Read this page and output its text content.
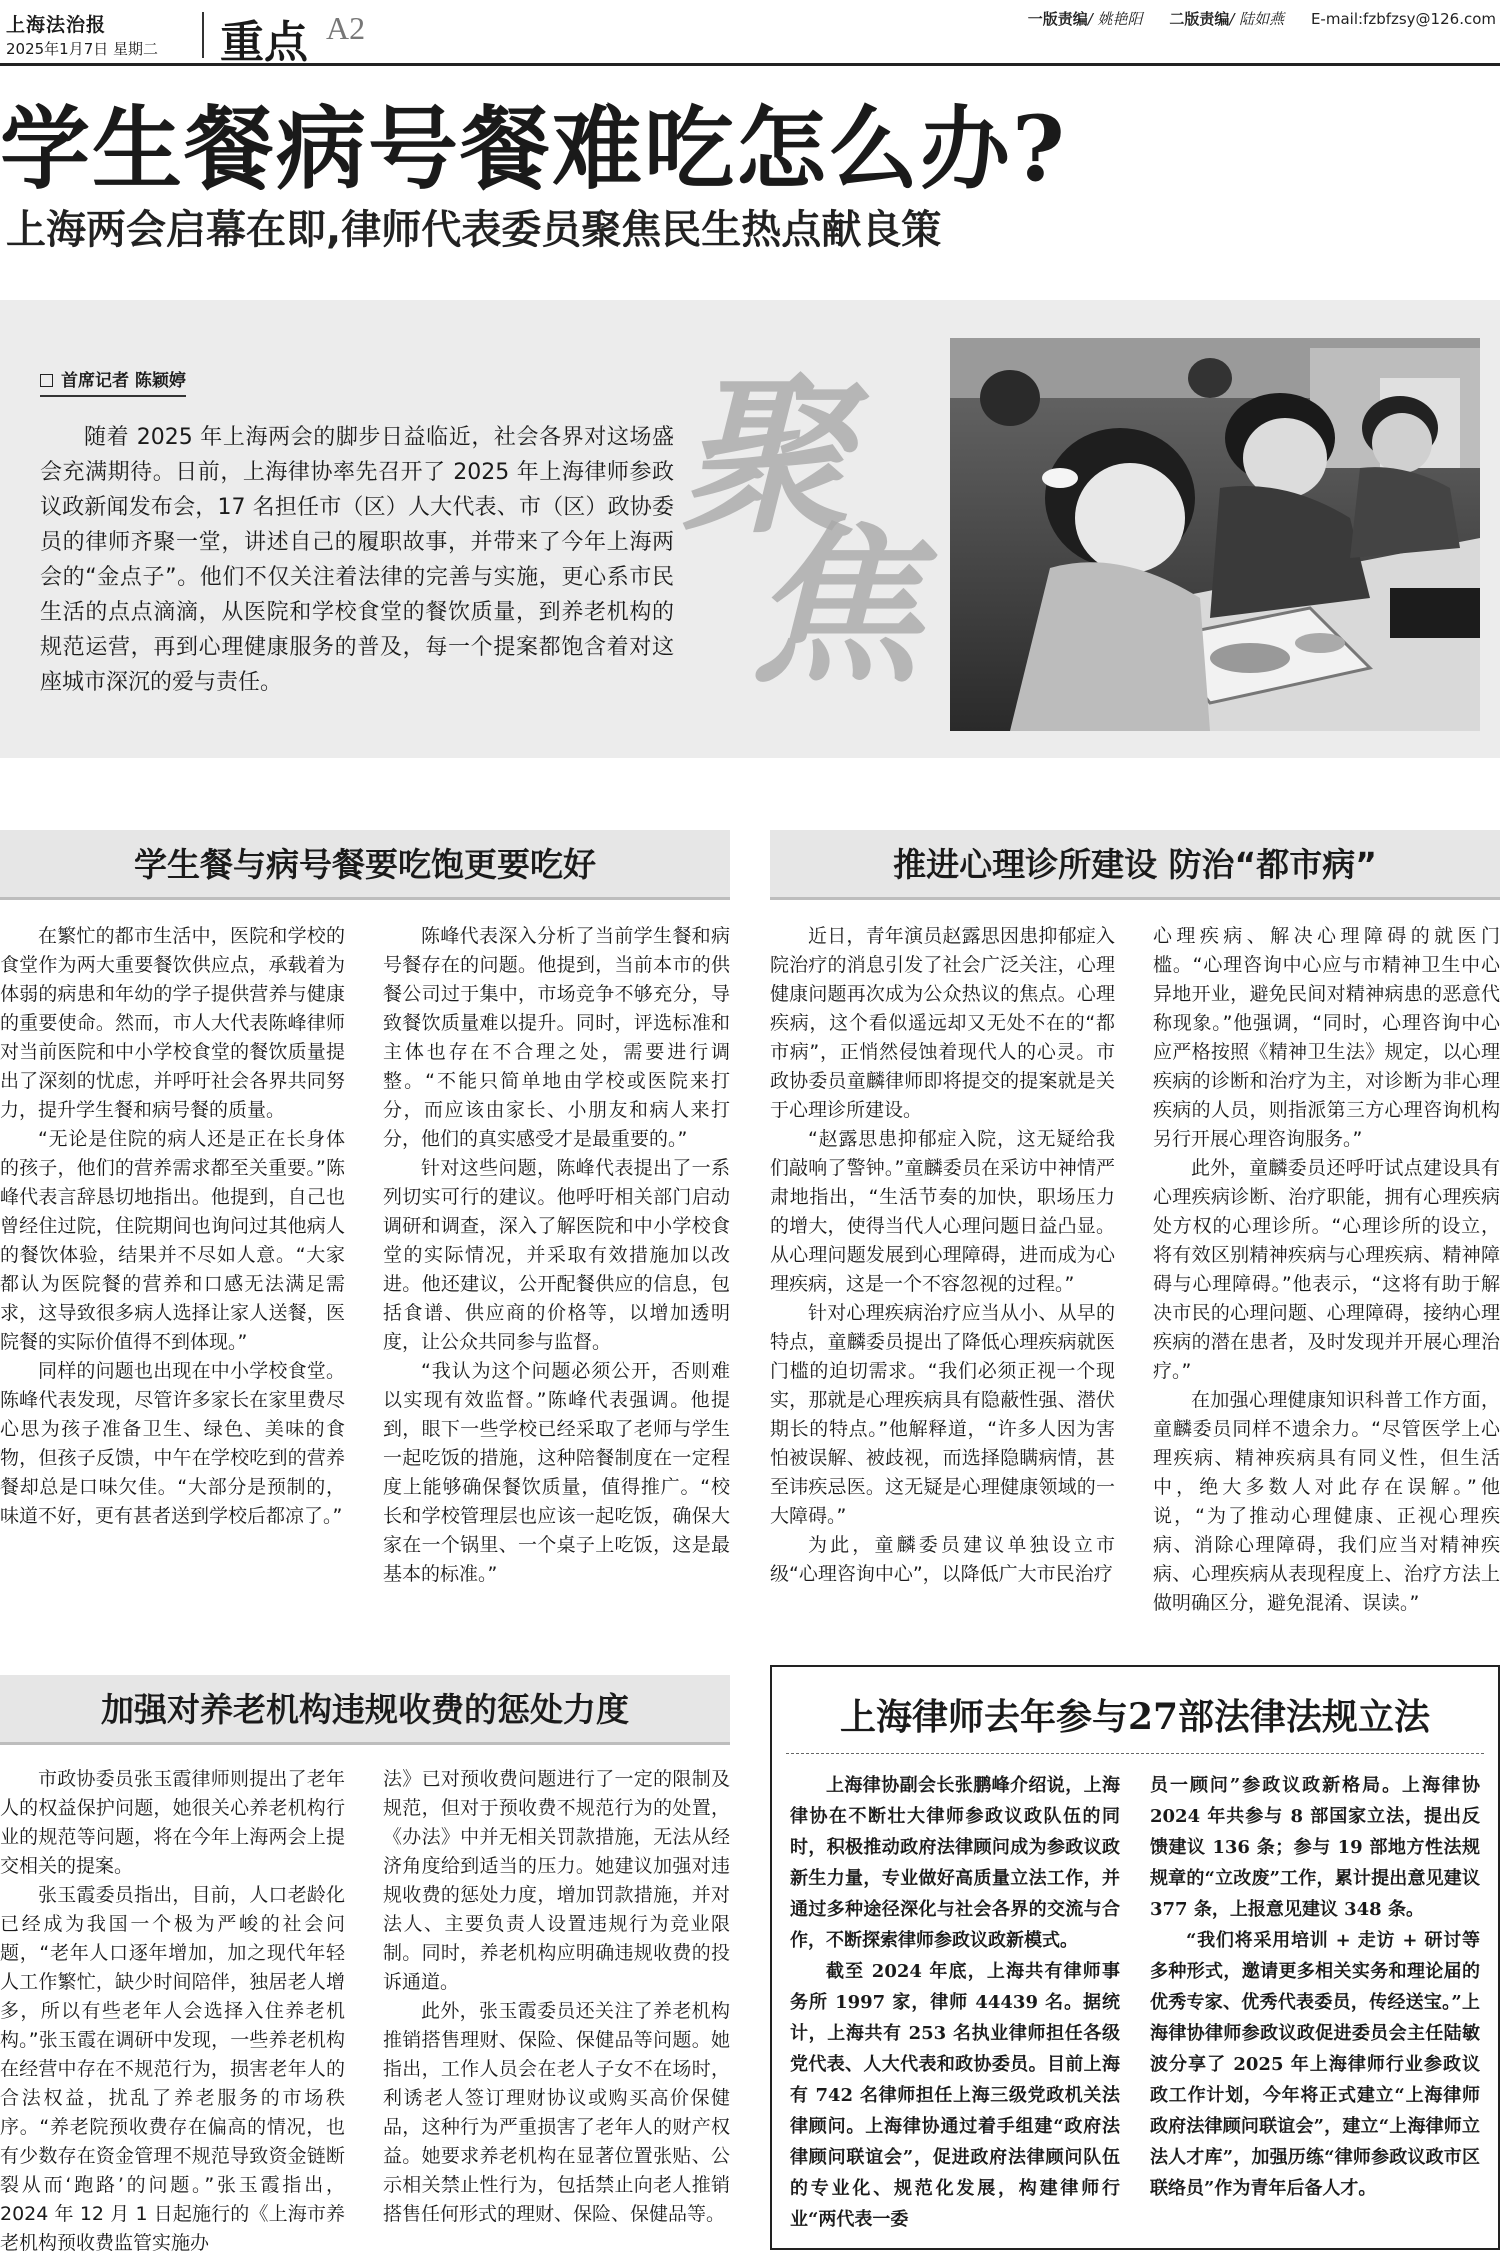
上海法治报
2025年1月7日 星期二 重点 A2	一版责编/ 姚艳阳 二版责编/ 陆如燕 E-mail:fzbfzsy@126.com
学生餐病号餐难吃怎么办?
上海两会启幕在即,律师代表委员聚焦民生热点献良策
首席记者 陈颖婷

随着 2025 年上海两会的脚步日益临近，社会各界对这场盛会充满期待。日前，上海律协率先召开了 2025 年上海律师参政议政新闻发布会，17 名担任市（区）人大代表、市（区）政协委员的律师齐聚一堂，讲述自己的履职故事，并带来了今年上海两会的“金点子”。他们不仅关注着法律的完善与实施，更心系市民生活的点点滴滴，从医院和学校食堂的餐饮质量，到养老机构的规范运营，再到心理健康服务的普及，每一个提案都饱含着对这座城市深沉的爱与责任。

聚
焦
学生餐与病号餐要吃饱更要吃好

在繁忙的都市生活中，医院和学校的食堂作为两大重要餐饮供应点，承载着为体弱的病患和年幼的学子提供营养与健康的重要使命。然而，市人大代表陈峰律师对当前医院和中小学校食堂的餐饮质量提出了深刻的忧虑，并呼吁社会各界共同努力，提升学生餐和病号餐的质量。

“无论是住院的病人还是正在长身体的孩子，他们的营养需求都至关重要。”陈峰代表言辞恳切地指出。他提到，自己也曾经住过院，住院期间也询问过其他病人的餐饮体验，结果并不尽如人意。“大家都认为医院餐的营养和口感无法满足需求，这导致很多病人选择让家人送餐，医院餐的实际价值得不到体现。”

同样的问题也出现在中小学校食堂。陈峰代表发现，尽管许多家长在家里费尽心思为孩子准备卫生、绿色、美味的食物，但孩子反馈，中午在学校吃到的营养餐却总是口味欠佳。“大部分是预制的，味道不好，更有甚者送到学校后都凉了。”

陈峰代表深入分析了当前学生餐和病号餐存在的问题。他提到，当前本市的供餐公司过于集中，市场竞争不够充分，导致餐饮质量难以提升。同时，评选标准和主体也存在不合理之处，需要进行调整。“不能只简单地由学校或医院来打分，而应该由家长、小朋友和病人来打分，他们的真实感受才是最重要的。”

针对这些问题，陈峰代表提出了一系列切实可行的建议。他呼吁相关部门启动调研和调查，深入了解医院和中小学校食堂的实际情况，并采取有效措施加以改进。他还建议，公开配餐供应的信息，包括食谱、供应商的价格等，以增加透明度，让公众共同参与监督。

“我认为这个问题必须公开，否则难以实现有效监督。”陈峰代表强调。他提到，眼下一些学校已经采取了老师与学生一起吃饭的措施，这种陪餐制度在一定程度上能够确保餐饮质量，值得推广。“校长和学校管理层也应该一起吃饭，确保大家在一个锅里、一个桌子上吃饭，这是最基本的标准。”

推进心理诊所建设 防治“都市病”

近日，青年演员赵露思因患抑郁症入院治疗的消息引发了社会广泛关注，心理健康问题再次成为公众热议的焦点。心理疾病，这个看似遥远却又无处不在的“都市病”，正悄然侵蚀着现代人的心灵。市政协委员童麟律师即将提交的提案就是关于心理诊所建设。

“赵露思患抑郁症入院，这无疑给我们敲响了警钟。”童麟委员在采访中神情严肃地指出，“生活节奏的加快，职场压力的增大，使得当代人心理问题日益凸显。从心理问题发展到心理障碍，进而成为心理疾病，这是一个不容忽视的过程。”

针对心理疾病治疗应当从小、从早的特点，童麟委员提出了降低心理疾病就医门槛的迫切需求。“我们必须正视一个现实，那就是心理疾病具有隐蔽性强、潜伏期长的特点。”他解释道，“许多人因为害怕被误解、被歧视，而选择隐瞒病情，甚至讳疾忌医。这无疑是心理健康领域的一大障碍。”

为此，童麟委员建议单独设立市级“心理咨询中心”，以降低广大市民治疗

心理疾病、解决心理障碍的就医门槛。“心理咨询中心应与市精神卫生中心异地开业，避免民间对精神病患的恶意代称现象。”他强调，“同时，心理咨询中心应严格按照《精神卫生法》规定，以心理疾病的诊断和治疗为主，对诊断为非心理疾病的人员，则指派第三方心理咨询机构另行开展心理咨询服务。”

此外，童麟委员还呼吁试点建设具有心理疾病诊断、治疗职能，拥有心理疾病处方权的心理诊所。“心理诊所的设立，将有效区别精神疾病与心理疾病、精神障碍与心理障碍。”他表示，“这将有助于解决市民的心理问题、心理障碍，接纳心理疾病的潜在患者，及时发现并开展心理治疗。”

在加强心理健康知识科普工作方面，童麟委员同样不遗余力。“尽管医学上心理疾病、精神疾病具有同义性，但生活中，绝大多数人对此存在误解。”他说，“为了推动心理健康、正视心理疾病、消除心理障碍，我们应当对精神疾病、心理疾病从表现程度上、治疗方法上做明确区分，避免混淆、误读。”

加强对养老机构违规收费的惩处力度

市政协委员张玉霞律师则提出了老年人的权益保护问题，她很关心养老机构行业的规范等问题，将在今年上海两会上提交相关的提案。

张玉霞委员指出，目前，人口老龄化已经成为我国一个极为严峻的社会问题，“老年人口逐年增加，加之现代年轻人工作繁忙，缺少时间陪伴，独居老人增多，所以有些老年人会选择入住养老机构。”张玉霞在调研中发现，一些养老机构在经营中存在不规范行为，损害老年人的合法权益，扰乱了养老服务的市场秩序。“养老院预收费存在偏高的情况，也有少数存在资金管理不规范导致资金链断裂从而‘跑路’的问题。”张玉霞指出，2024 年 12 月 1 日起施行的《上海市养老机构预收费监管实施办

法》已对预收费问题进行了一定的限制及规范，但对于预收费不规范行为的处置，《办法》中并无相关罚款措施，无法从经济角度给到适当的压力。她建议加强对违规收费的惩处力度，增加罚款措施，并对法人、主要负责人设置违规行为竞业限制。同时，养老机构应明确违规收费的投诉通道。

此外，张玉霞委员还关注了养老机构推销搭售理财、保险、保健品等问题。她指出，工作人员会在老人子女不在场时，利诱老人签订理财协议或购买高价保健品，这种行为严重损害了老年人的财产权益。她要求养老机构在显著位置张贴、公示相关禁止性行为，包括禁止向老人推销搭售任何形式的理财、保险、保健品等。

上海律师去年参与27部法律法规立法

上海律协副会长张鹏峰介绍说，上海律协在不断壮大律师参政议政队伍的同时，积极推动政府法律顾问成为参政议政新生力量，专业做好高质量立法工作，并通过多种途径深化与社会各界的交流与合作，不断探索律师参政议政新模式。

截至 2024 年底，上海共有律师事务所 1997 家，律师 44439 名。据统计，上海共有 253 名执业律师担任各级党代表、人大代表和政协委员。目前上海有 742 名律师担任上海三级党政机关法律顾问。上海律协通过着手组建“政府法律顾问联谊会”，促进政府法律顾问队伍的专业化、规范化发展，构建律师行业“两代表一委

员一顾问”参政议政新格局。上海律协 2024 年共参与 8 部国家立法，提出反馈建议 136 条；参与 19 部地方性法规规章的“立改废”工作，累计提出意见建议 377 条，上报意见建议 348 条。

“我们将采用培训 + 走访 + 研讨等多种形式，邀请更多相关实务和理论届的优秀专家、优秀代表委员，传经送宝。”上海律协律师参政议政促进委员会主任陆敏波分享了 2025 年上海律师行业参政议政工作计划，今年将正式建立“上海律师政府法律顾问联谊会”，建立“上海律师立法人才库”，加强历练“律师参政议政市区联络员”作为青年后备人才。
